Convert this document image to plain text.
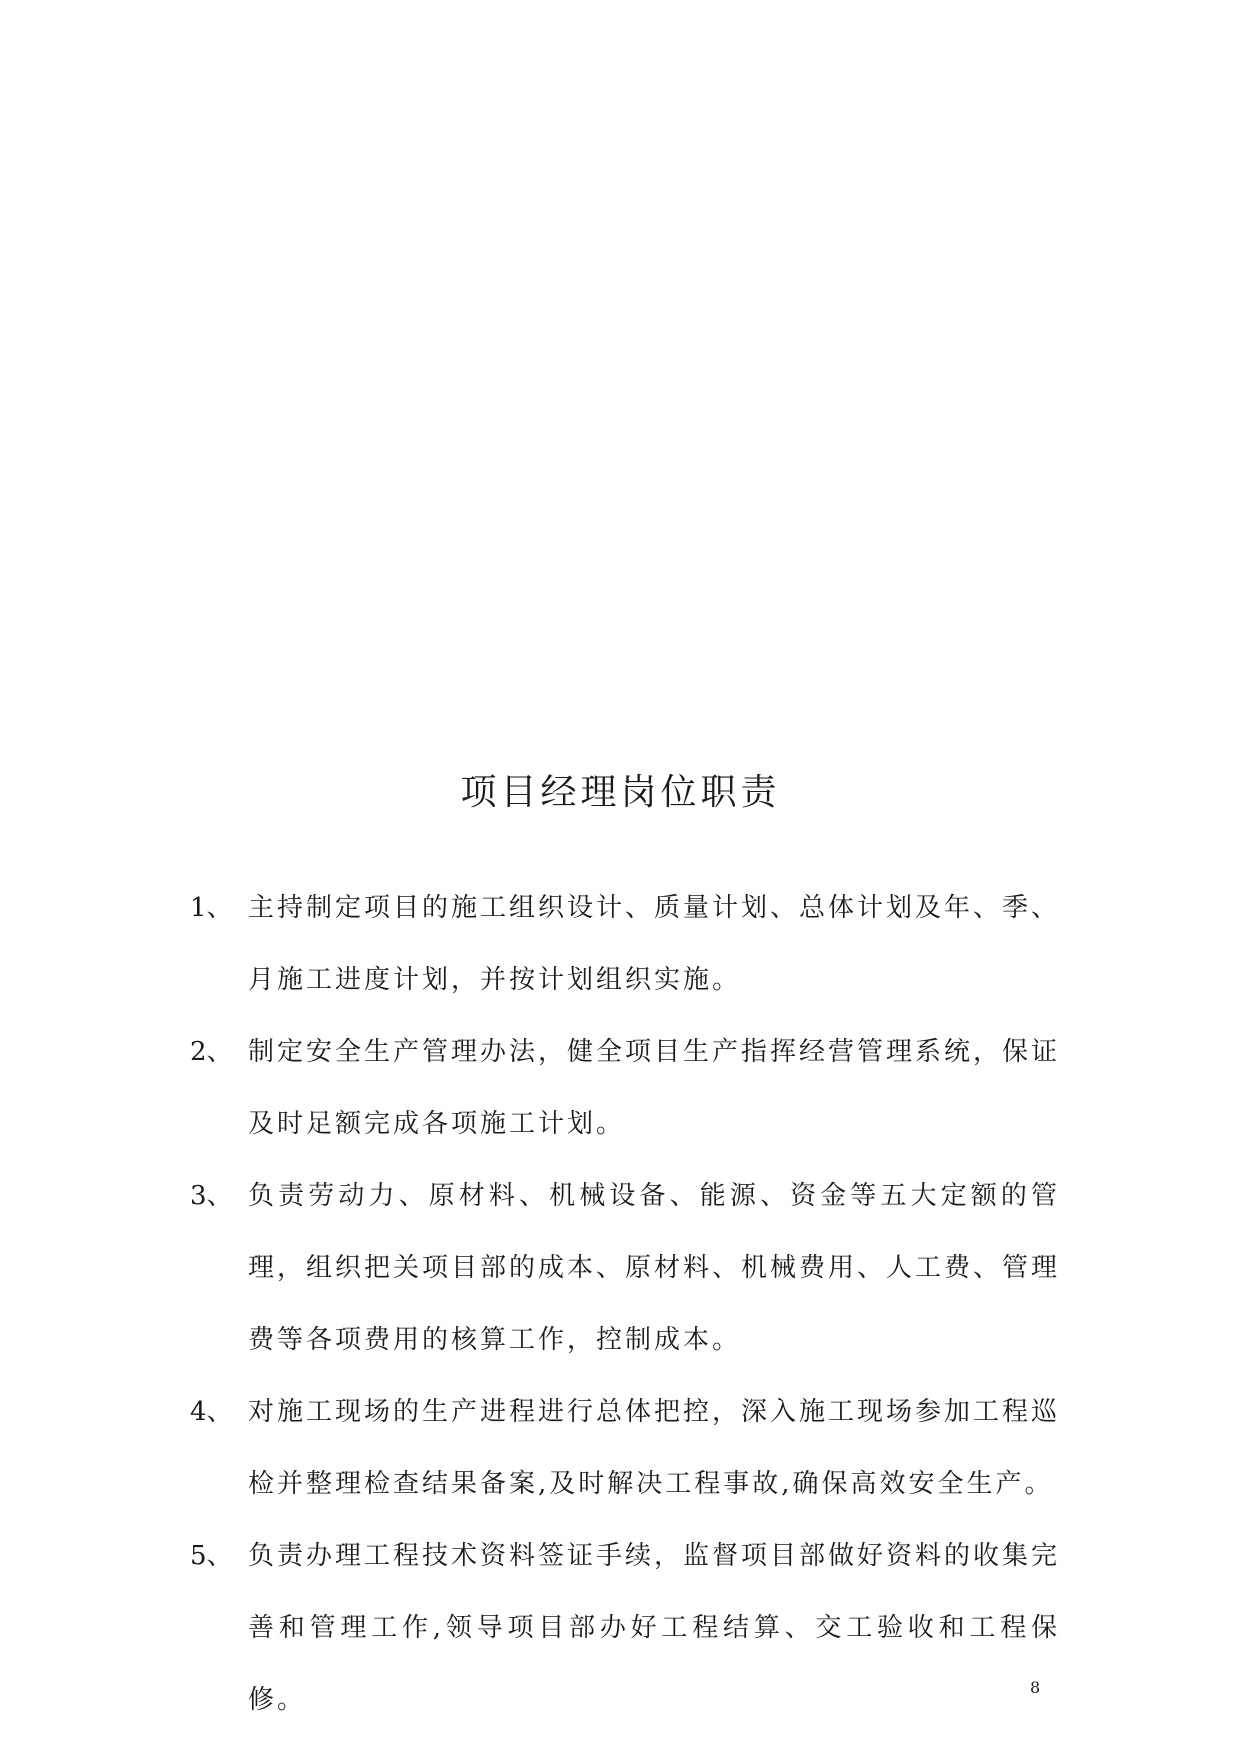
项目经理岗位职责
1、 主持制定项目的施工组织设计、质量计划、总体计划及年、季、月施工进度计划，并按计划组织实施。
2、 制定安全生产管理办法，健全项目生产指挥经营管理系统，保证及时足额完成各项施工计划。
3、 负责劳动力、原材料、机械设备、能源、资金等五大定额的管理，组织把关项目部的成本、原材料、机械费用、人工费、管理费等各项费用的核算工作，控制成本。
4、 对施工现场的生产进程进行总体把控，深入施工现场参加工程巡检并整理检查结果备案,及时解决工程事故,确保高效安全生产。
5、 负责办理工程技术资料签证手续，监督项目部做好资料的收集完善和管理工作,领导项目部办好工程结算、交工验收和工程保修。	8
